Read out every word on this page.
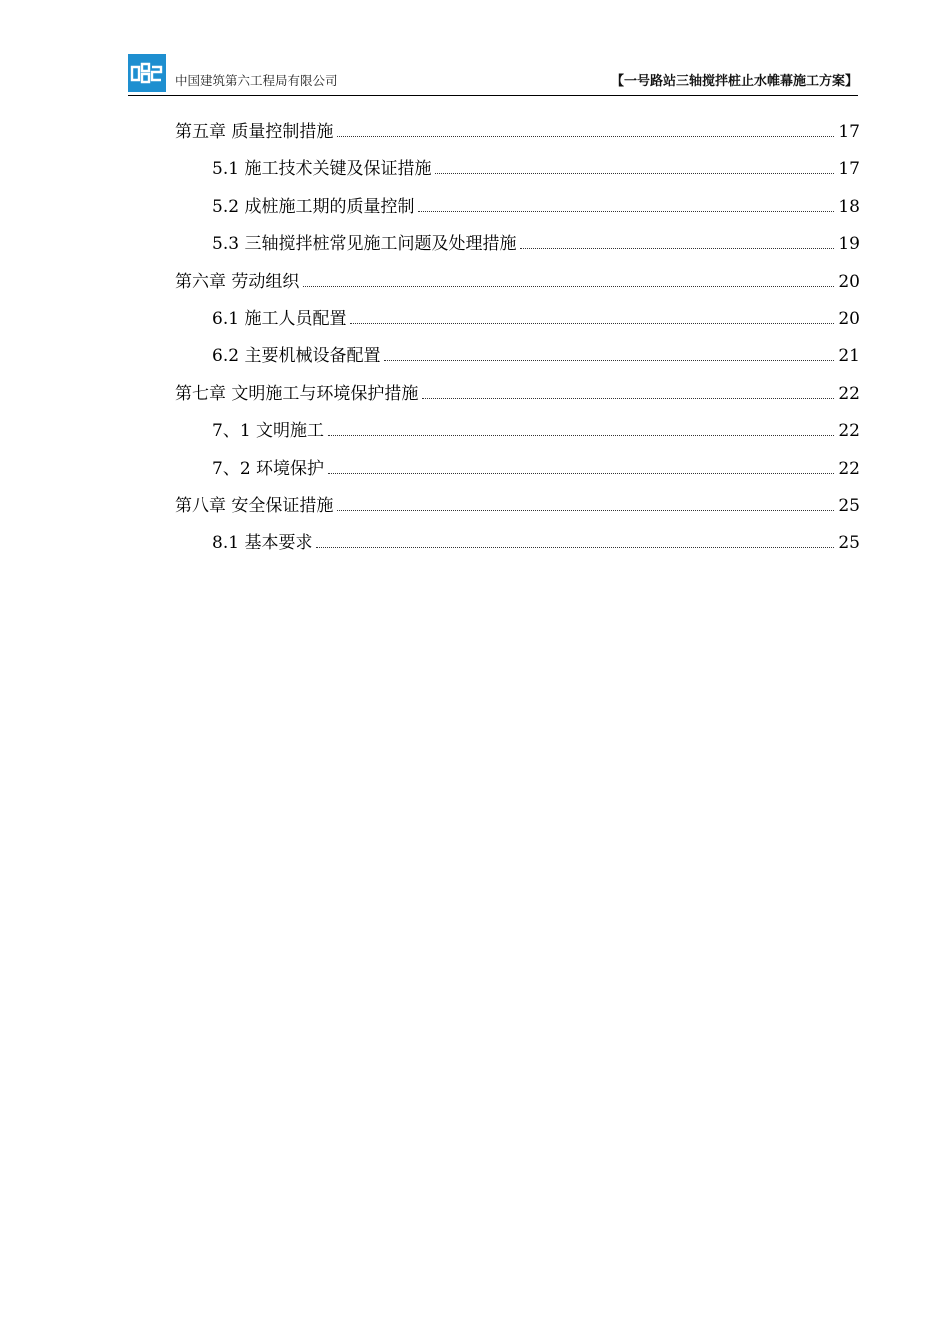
中国建筑第六工程局有限公司	【一号路站三轴搅拌桩止水帷幕施工方案】
第五章 质量控制措施	17
5.1 施工技术关键及保证措施	17
5.2 成桩施工期的质量控制	18
5.3 三轴搅拌桩常见施工问题及处理措施	19
第六章 劳动组织	20
6.1 施工人员配置	20
6.2 主要机械设备配置	21
第七章 文明施工与环境保护措施	22
7、1 文明施工	22
7、2 环境保护	22
第八章 安全保证措施	25
8.1 基本要求	25
